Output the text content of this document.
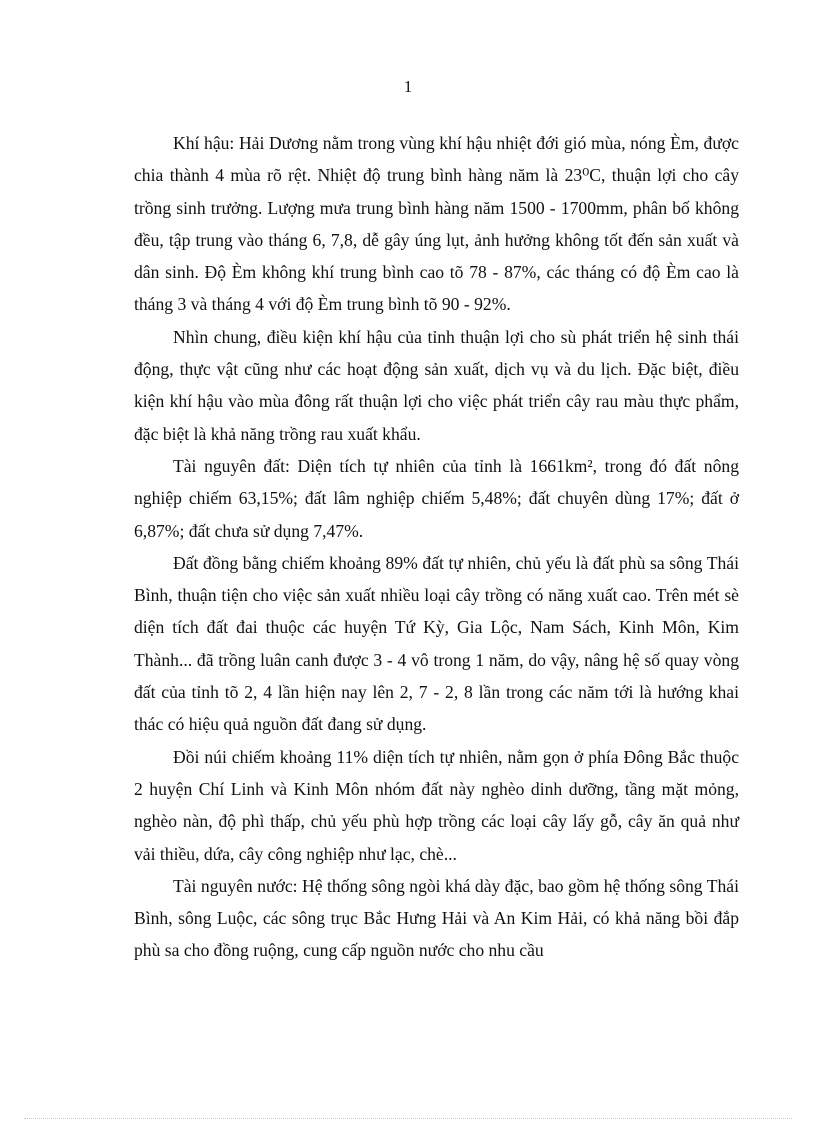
1

Khí hậu: Hải Dương nằm trong vùng khí hậu nhiệt đới gió mùa, nóng Èm, được chia thành 4 mùa rõ rệt. Nhiệt độ trung bình hàng năm là 23⁰C, thuận lợi cho cây trồng sinh trưởng. Lượng mưa trung bình hàng năm 1500 - 1700mm, phân bố không đều, tập trung vào tháng 6, 7,8, dễ gây úng lụt, ảnh hưởng không tốt đến sản xuất và dân sinh. Độ Èm không khí trung bình cao tõ 78 - 87%, các tháng có độ Èm cao là tháng 3 và tháng 4 với độ Èm trung bình tõ 90 - 92%.

Nhìn chung, điều kiện khí hậu của tỉnh thuận lợi cho sù phát triển hệ sinh thái động, thực vật cũng như các hoạt động sản xuất, dịch vụ và du lịch. Đặc biệt, điều kiện khí hậu vào mùa đông rất thuận lợi cho việc phát triển cây rau màu thực phẩm, đặc biệt là khả năng trồng rau xuất khẩu.

Tài nguyên đất: Diện tích tự nhiên của tỉnh là 1661km², trong đó đất nông nghiệp chiếm 63,15%; đất lâm nghiệp chiếm 5,48%; đất chuyên dùng 17%; đất ở 6,87%; đất chưa sử dụng 7,47%.

Đất đồng bằng chiếm khoảng 89% đất tự nhiên, chủ yếu là đất phù sa sông Thái Bình, thuận tiện cho việc sản xuất nhiều loại cây trồng có năng xuất cao. Trên mét sè diện tích đất đai thuộc các huyện Tứ Kỳ, Gia Lộc, Nam Sách, Kinh Môn, Kim Thành... đã trồng luân canh được 3 - 4 vô trong 1 năm, do vậy, nâng hệ số quay vòng đất của tỉnh tõ 2, 4 lần hiện nay lên 2, 7 - 2, 8 lần trong các năm tới là hướng khai thác có hiệu quả nguồn đất đang sử dụng.

Đồi núi chiếm khoảng 11% diện tích tự nhiên, nằm gọn ở phía Đông Bắc thuộc 2 huyện Chí Linh và Kinh Môn nhóm đất này nghèo dinh dưỡng, tầng mặt mỏng, nghèo nàn, độ phì thấp, chủ yếu phù hợp trồng các loại cây lấy gỗ, cây ăn quả như vải thiều, dứa, cây công nghiệp như lạc, chè...

Tài nguyên nước: Hệ thống sông ngòi khá dày đặc, bao gồm hệ thống sông Thái Bình, sông Luộc, các sông trục Bắc Hưng Hải và An Kim Hải, có khả năng bồi đắp phù sa cho đồng ruộng, cung cấp nguồn nước cho nhu cầu
